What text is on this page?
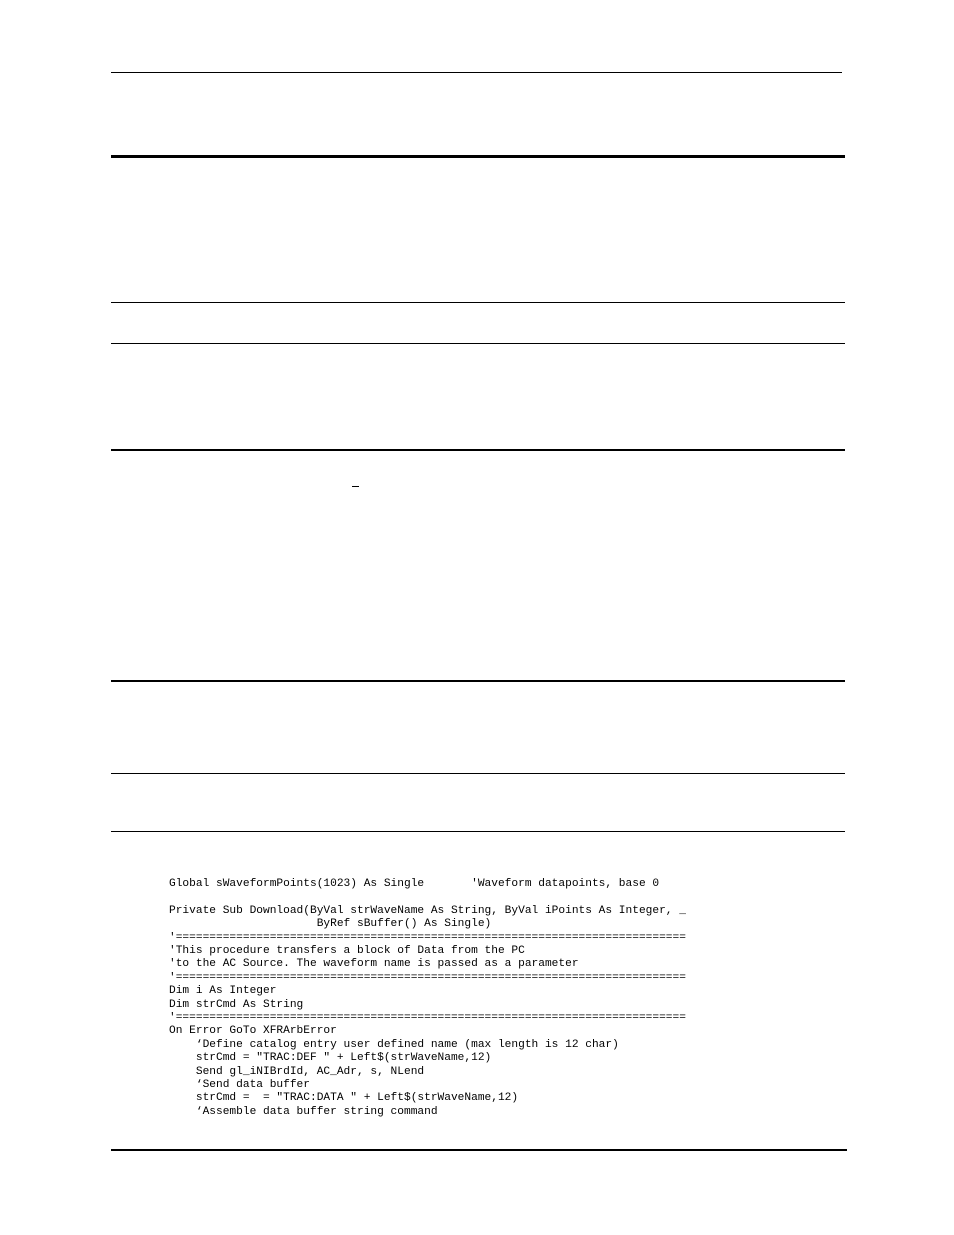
Global sWaveformPoints(1023) As Single       'Waveform datapoints, base 0
Private Sub Download(ByVal strWaveName As String, ByVal iPoints As Integer, _
ByRef sBuffer() As Single)
'============================================================================
'This procedure transfers a block of Data from the PC
'to the AC Source. The waveform name is passed as a parameter
'============================================================================
Dim i As Integer
Dim strCmd As String
'============================================================================
On Error GoTo XFRArbError
‘Define catalog entry user defined name (max length is 12 char)
strCmd = "TRAC:DEF " + Left$(strWaveName,12)
Send gl_iNIBrdId, AC_Adr, s, NLend
‘Send data buffer
strCmd =  = "TRAC:DATA " + Left$(strWaveName,12)
‘Assemble data buffer string command
